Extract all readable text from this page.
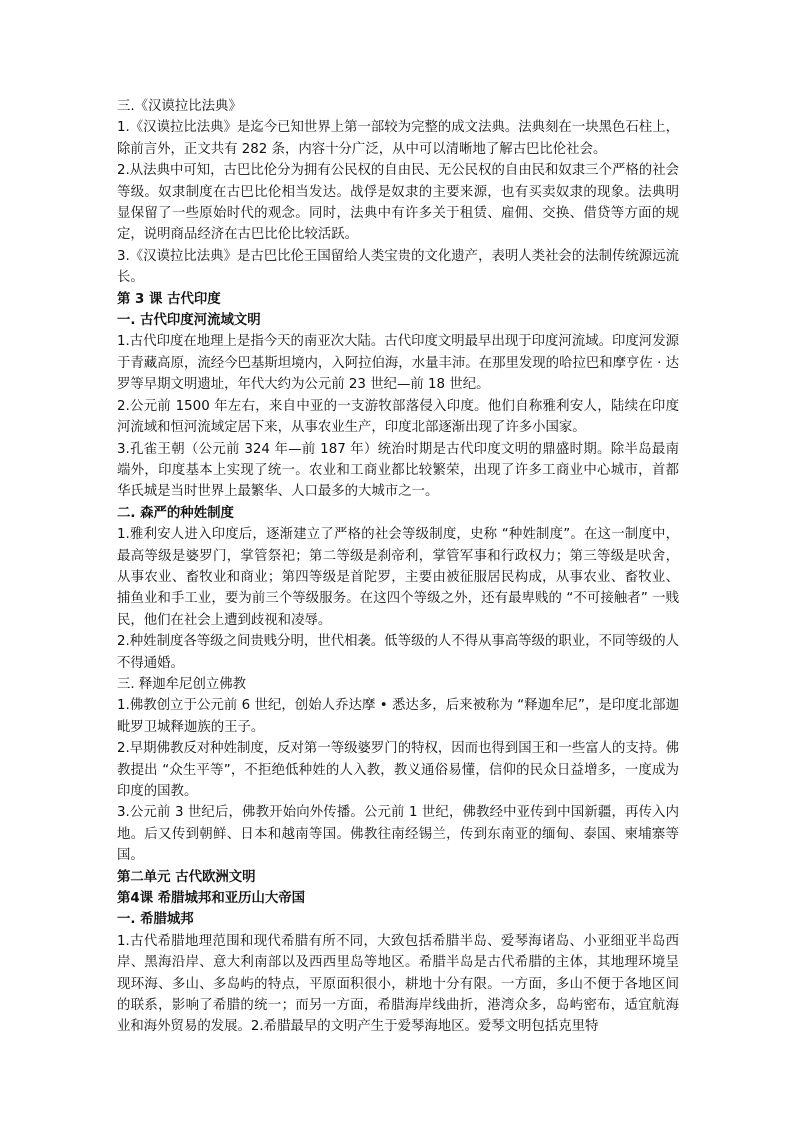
三.《汉谟拉比法典》

1.《汉谟拉比法典》是迄今已知世界上第一部较为完整的成文法典。法典刻在一块黑色石柱上，除前言外，正文共有 282 条，内容十分广泛，从中可以清晰地了解古巴比伦社会。

2.从法典中可知，古巴比伦分为拥有公民权的自由民、无公民权的自由民和奴隶三个严格的社会等级。奴隶制度在古巴比伦相当发达。战俘是奴隶的主要来源，也有买卖奴隶的现象。法典明显保留了一些原始时代的观念。同时，法典中有许多关于租赁、雇佣、交换、借贷等方面的规定，说明商品经济在古巴比伦比较活跃。

3.《汉谟拉比法典》是古巴比伦王国留给人类宝贵的文化遗产，表明人类社会的法制传统源远流长。

第 3 课 古代印度

一. 古代印度河流域文明

1.古代印度在地理上是指今天的南亚次大陆。古代印度文明最早出现于印度河流域。印度河发源于青藏高原，流经今巴基斯坦境内，入阿拉伯海，水量丰沛。在那里发现的哈拉巴和摩亨佐 · 达罗等早期文明遗址，年代大约为公元前 23 世纪—前 18 世纪。

2.公元前 1500 年左右，来自中亚的一支游牧部落侵入印度。他们自称雅利安人，陆续在印度河流域和恒河流域定居下来，从事农业生产，印度北部逐渐出现了许多小国家。

3.孔雀王朝（公元前 324 年—前 187 年）统治时期是古代印度文明的鼎盛时期。除半岛最南端外，印度基本上实现了统一。农业和工商业都比较繁荣，出现了许多工商业中心城市，首都华氏城是当时世界上最繁华、人口最多的大城市之一。

二. 森严的种姓制度

1.雅利安人进入印度后，逐渐建立了严格的社会等级制度，史称 “种姓制度”。在这一制度中，最高等级是婆罗门，掌管祭祀；第二等级是刹帝利，掌管军事和行政权力；第三等级是吠舍，从事农业、畜牧业和商业；第四等级是首陀罗，主要由被征服居民构成，从事农业、畜牧业、捕鱼业和手工业，要为前三个等级服务。在这四个等级之外，还有最卑贱的 “不可接触者” 一贱民，他们在社会上遭到歧视和凌辱。

2.种姓制度各等级之间贵贱分明，世代相袭。低等级的人不得从事高等级的职业，不同等级的人不得通婚。

三. 释迦牟尼创立佛教

1.佛教创立于公元前 6 世纪，创始人乔达摩 • 悉达多，后来被称为 “释迦牟尼”，是印度北部迦毗罗卫城释迦族的王子。

2.早期佛教反对种姓制度，反对第一等级婆罗门的特权，因而也得到国王和一些富人的支持。佛教提出 “众生平等”，不拒绝低种姓的人入教，教义通俗易懂，信仰的民众日益增多，一度成为印度的国教。

3.公元前 3 世纪后，佛教开始向外传播。公元前 1 世纪，佛教经中亚传到中国新疆，再传入内地。后又传到朝鲜、日本和越南等国。佛教往南经锡兰，传到东南亚的缅甸、泰国、柬埔寨等国。

第二单元 古代欧洲文明

第4课 希腊城邦和亚历山大帝国

一. 希腊城邦

1.古代希腊地理范围和现代希腊有所不同，大致包括希腊半岛、爱琴海诸岛、小亚细亚半岛西岸、黑海沿岸、意大利南部以及西西里岛等地区。希腊半岛是古代希腊的主体，其地理环境呈现环海、多山、多岛屿的特点，平原面积很小，耕地十分有限。一方面，多山不便于各地区间的联系，影响了希腊的统一；而另一方面，希腊海岸线曲折，港湾众多，岛屿密布，适宜航海业和海外贸易的发展。2.希腊最早的文明产生于爱琴海地区。爱琴文明包括克里特
